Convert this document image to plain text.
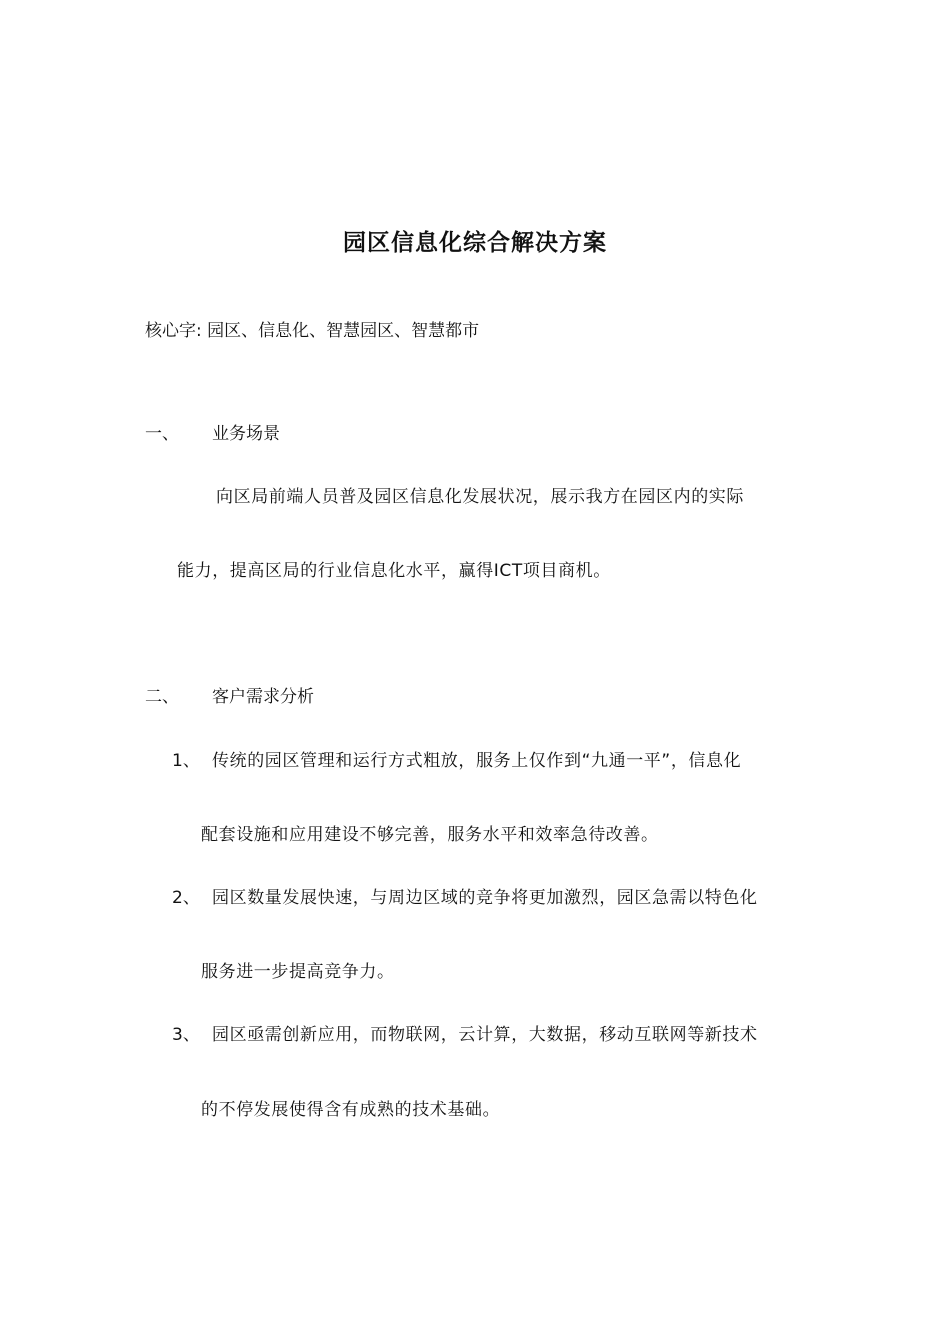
园区信息化综合解决方案
核心字: 园区、信息化、智慧园区、智慧都市
一、 业务场景
向区局前端人员普及园区信息化发展状况，展示我方在园区内的实际
能力，提高区局的行业信息化水平，赢得ICT项目商机。
二、 客户需求分析
1、 传统的园区管理和运行方式粗放，服务上仅作到“九通一平”，信息化
配套设施和应用建设不够完善，服务水平和效率急待改善。
2、 园区数量发展快速，与周边区域的竞争将更加激烈，园区急需以特色化
服务进一步提高竞争力。
3、 园区亟需创新应用，而物联网，云计算，大数据，移动互联网等新技术
的不停发展使得含有成熟的技术基础。
